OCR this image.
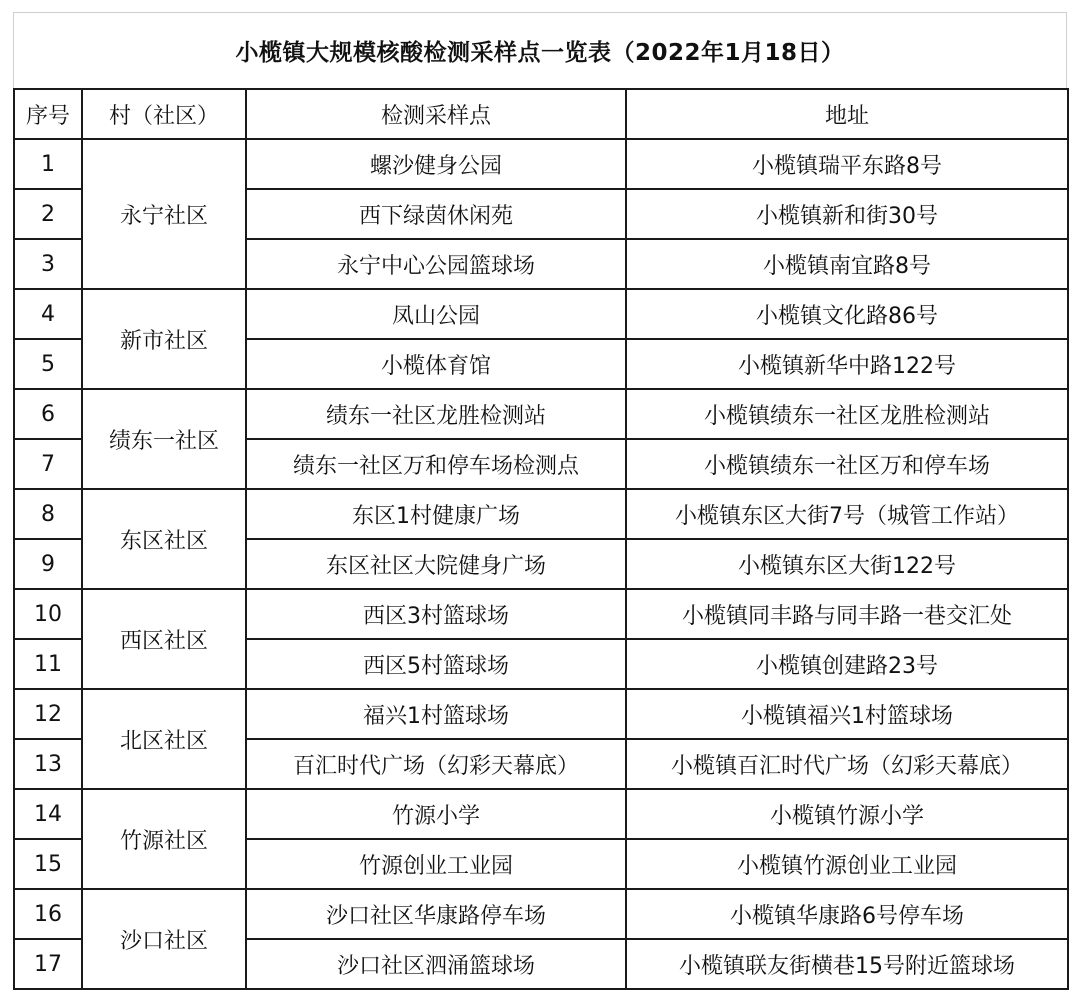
小榄镇大规模核酸检测采样点一览表（2022年1月18日）
序号	村（社区）	检测采样点	地址
1	永宁社区	螺沙健身公园	小榄镇瑞平东路8号
2		西下绿茵休闲苑	小榄镇新和街30号
3		永宁中心公园篮球场	小榄镇南宜路8号
4	新市社区	凤山公园	小榄镇文化路86号
5		小榄体育馆	小榄镇新华中路122号
6	绩东一社区	绩东一社区龙胜检测站	小榄镇绩东一社区龙胜检测站
7		绩东一社区万和停车场检测点	小榄镇绩东一社区万和停车场
8	东区社区	东区1村健康广场	小榄镇东区大街7号（城管工作站）
9		东区社区大院健身广场	小榄镇东区大街122号
10	西区社区	西区3村篮球场	小榄镇同丰路与同丰路一巷交汇处
11		西区5村篮球场	小榄镇创建路23号
12	北区社区	福兴1村篮球场	小榄镇福兴1村篮球场
13		百汇时代广场（幻彩天幕底）	小榄镇百汇时代广场（幻彩天幕底）
14	竹源社区	竹源小学	小榄镇竹源小学
15		竹源创业工业园	小榄镇竹源创业工业园
16	沙口社区	沙口社区华康路停车场	小榄镇华康路6号停车场
17		沙口社区泗涌篮球场	小榄镇联友街横巷15号附近篮球场
